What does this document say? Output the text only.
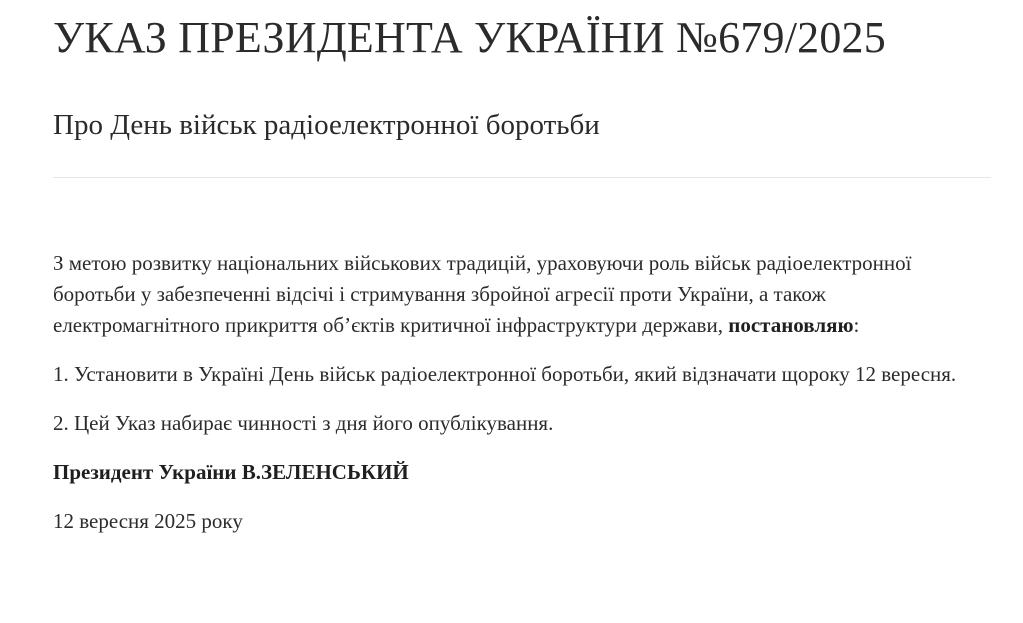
УКАЗ ПРЕЗИДЕНТА УКРАЇНИ №679/2025
Про День військ радіоелектронної боротьби

З метою розвитку національних військових традицій, ураховуючи роль військ радіоелектронної боротьби у забезпеченні відсічі і стримування збройної агресії проти України, а також електромагнітного прикриття об’єктів критичної інфраструктури держави, постановляю:

1. Установити в Україні День військ радіоелектронної боротьби, який відзначати щороку 12 вересня.

2. Цей Указ набирає чинності з дня його опублікування.

Президент України В.ЗЕЛЕНСЬКИЙ

12 вересня 2025 року
